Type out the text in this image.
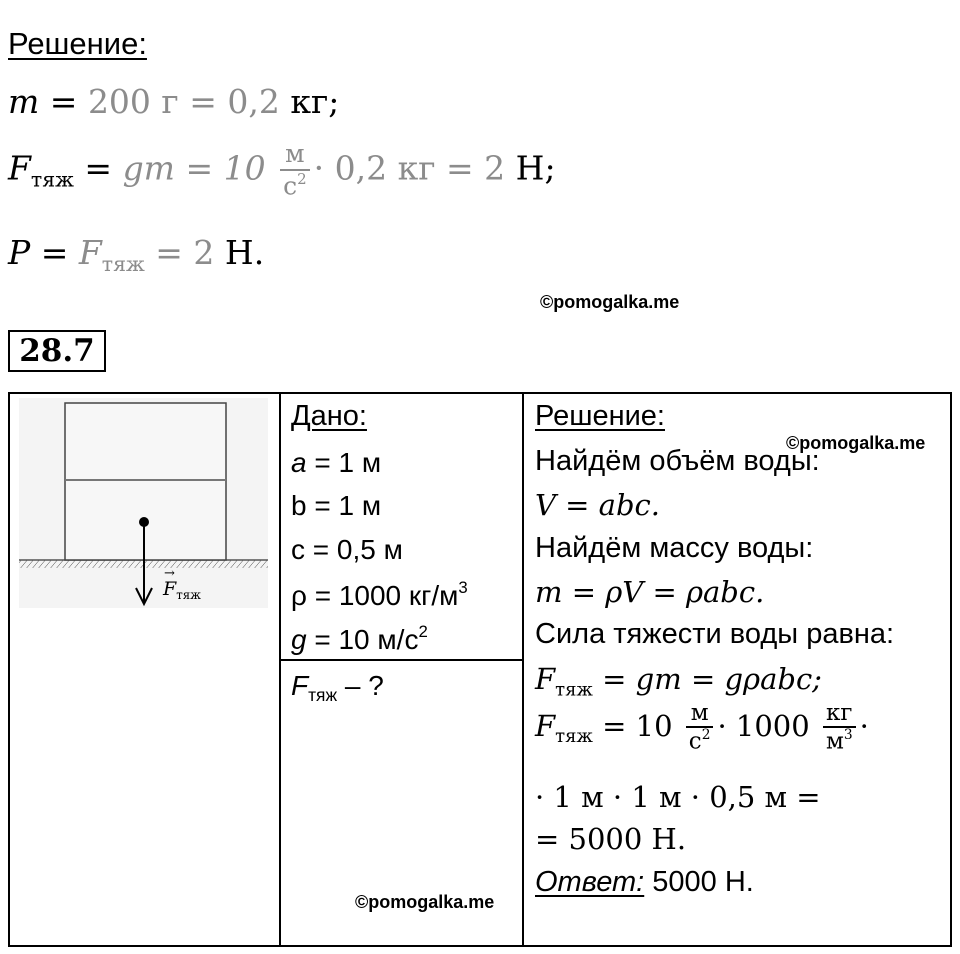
Решение:
m = 200 г = 0,2 кг;
$F_{тяж}$ = gm = $10 \frac{м}{с^2} \cdot 0,2$ кг = 2 Н;
$P = F_{тяж} = 2$ Н.
©pomogalka.me
28.7
→
$F_{тяж}$
Дано:
a = 1 м
b = 1 м
c = 0,5 м
ρ = 1000 $кг/м^3$
g = 10 $м/с^2$
$F_{тяж}$ – ?
©pomogalka.me
Решение:
©pomogalka.me
Найдём объём воды:
V = abc.
Найдём массу воды:
m = ρV = ρabc.
Сила тяжести воды равна:
$F_{тяж}$ = gm = gρabc;
$F_{тяж} = 10 \frac{м}{с^2} \cdot 1000 \frac{кг}{м^3}$ ·
· 1 м · 1 м · 0,5 м =
= 5000 Н.
Ответ: 5000 Н.
